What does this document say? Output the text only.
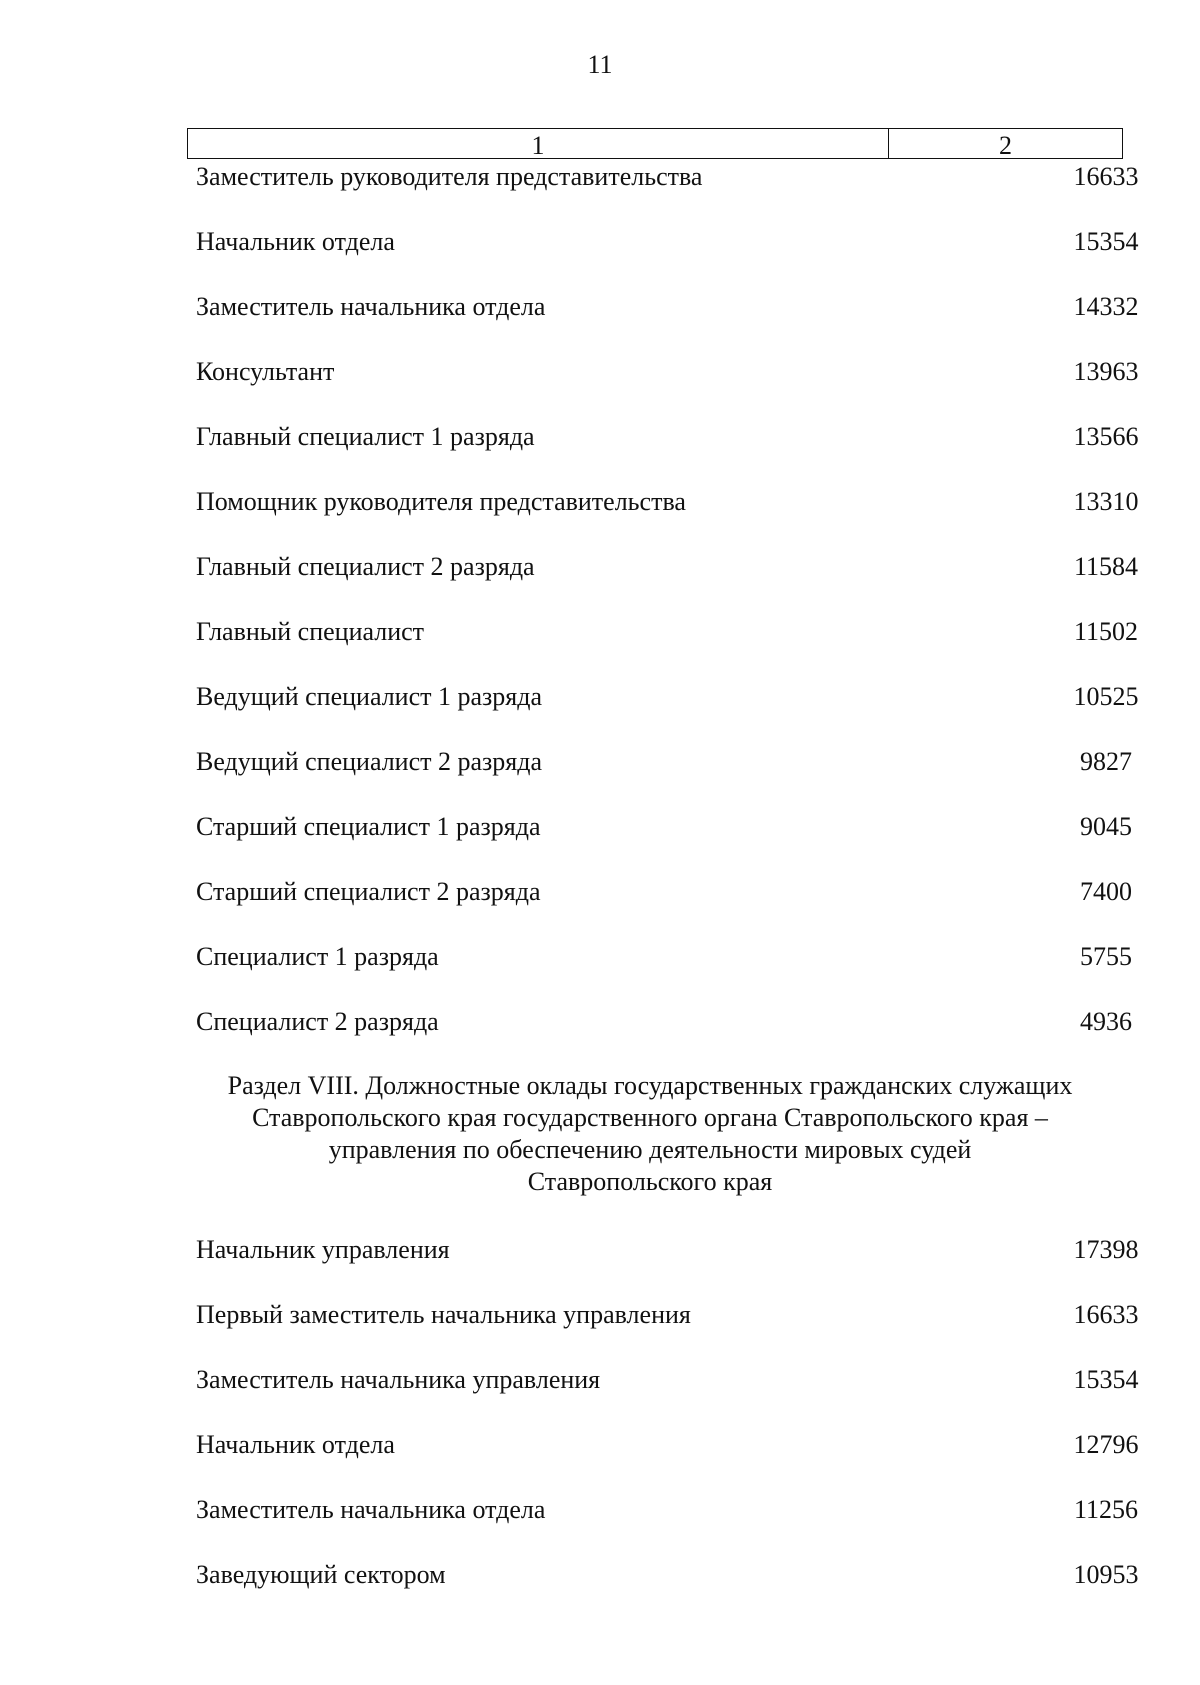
11
1	2
Заместитель руководителя представительства	16633
Начальник отдела	15354
Заместитель начальника отдела	14332
Консультант	13963
Главный специалист 1 разряда	13566
Помощник руководителя представительства	13310
Главный специалист 2 разряда	11584
Главный специалист	11502
Ведущий специалист 1 разряда	10525
Ведущий специалист 2 разряда	9827
Старший специалист 1 разряда	9045
Старший специалист 2 разряда	7400
Специалист 1 разряда	5755
Специалист 2 разряда	4936
Раздел VIII. Должностные оклады государственных гражданских служащих
Ставропольского края государственного органа Ставропольского края –
управления по обеспечению деятельности мировых судей
Ставропольского края
Начальник управления	17398
Первый заместитель начальника управления	16633
Заместитель начальника управления	15354
Начальник отдела	12796
Заместитель начальника отдела	11256
Заведующий сектором	10953
